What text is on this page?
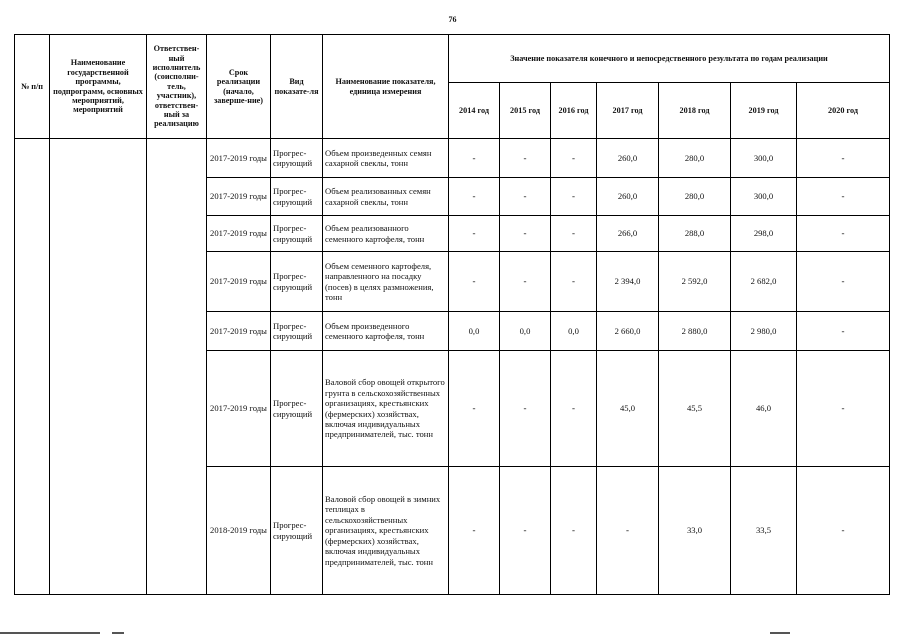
76
№ п/п	Наименование государственной программы, подпрограмм, основных мероприятий, мероприятий	Ответствен-ный исполнитель (соисполни-тель, участник), ответствен-ный за реализацию	Срок реализации (начало, заверше-ние)	Вид показате-ля	Наименование показателя, единица измерения	Значение показателя конечного и непосредственного результата по годам реализации						
						2014 год	2015 год	2016 год	2017 год	2018 год	2019 год	2020 год
			2017-2019 годы	Прогрес-сирующий	Объем произведенных семян сахарной свеклы, тонн	-	-	-	260,0	280,0	300,0	-
			2017-2019 годы	Прогрес-сирующий	Объем реализованных семян сахарной свеклы, тонн	-	-	-	260,0	280,0	300,0	-
			2017-2019 годы	Прогрес-сирующий	Объем реализованного семенного картофеля, тонн	-	-	-	266,0	288,0	298,0	-
			2017-2019 годы	Прогрес-сирующий	Объем семенного картофеля, направленного на посадку (посев) в целях размножения, тонн	-	-	-	2 394,0	2 592,0	2 682,0	-
			2017-2019 годы	Прогрес-сирующий	Объем произведенного семенного картофеля, тонн	0,0	0,0	0,0	2 660,0	2 880,0	2 980,0	-
			2017-2019 годы	Прогрес-сирующий	Валовой сбор овощей открытого грунта в сельскохозяйственных организациях, крестьянских (фермерских) хозяйствах, включая индивидуальных предпринимателей, тыс. тонн	-	-	-	45,0	45,5	46,0	-
			2018-2019 годы	Прогрес-сирующий	Валовой сбор овощей в зимних теплицах в сельскохозяйственных организациях, крестьянских (фермерских) хозяйствах, включая индивидуальных предпринимателей, тыс. тонн	-	-	-	-	33,0	33,5	-
